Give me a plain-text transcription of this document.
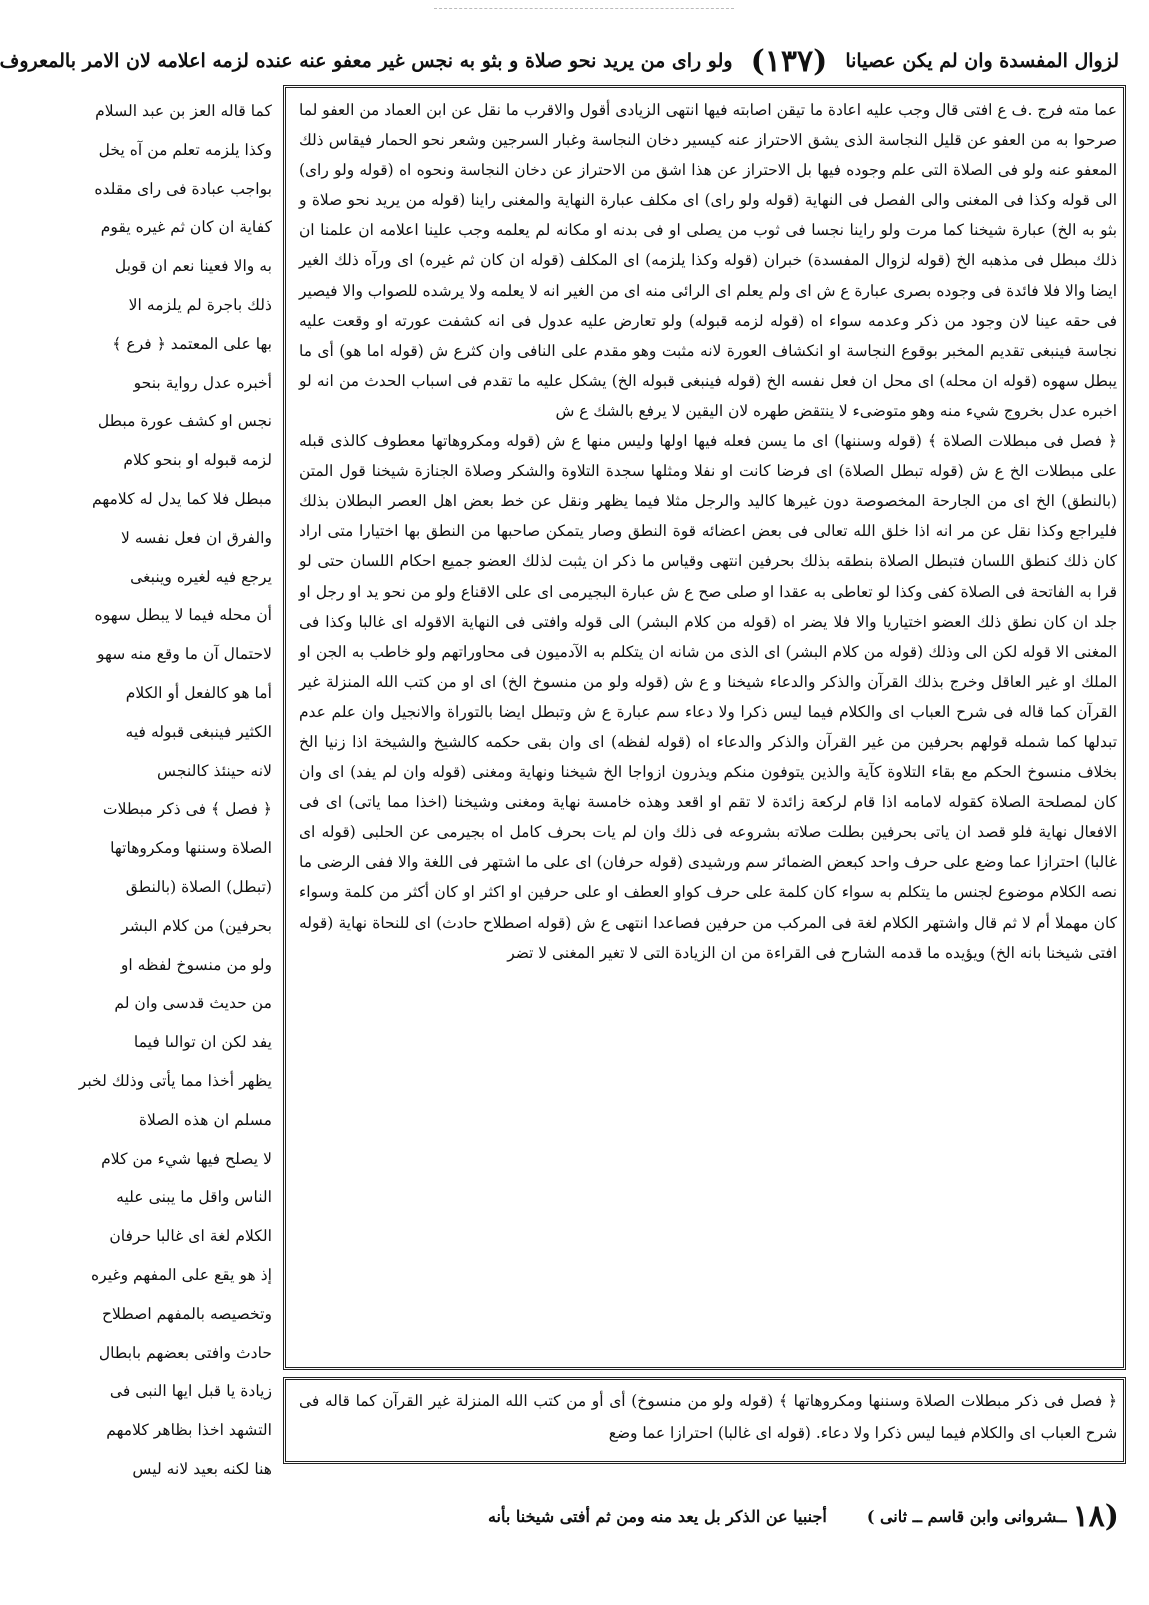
لزوال المفسدة وان لم يكن عصيانا
(١٣٧)
ولو راى من يريد نحو صلاة و بثو به نجس غير معفو عنه عنده لزمه اعلامه لان الامر بالمعروف

عما مته فرج .ف ع افتى قال وجب عليه اعادة ما تيقن اصابته فيها انتهى الزيادى أقول والاقرب ما نقل عن ابن العماد من العفو لما صرحوا به من العفو عن قليل النجاسة الذى يشق الاحتراز عنه كيسير دخان النجاسة وغبار السرجين وشعر نحو الحمار فيقاس ذلك المعفو عنه ولو فى الصلاة التى علم وجوده فيها بل الاحتراز عن هذا اشق من الاحتراز عن دخان النجاسة ونحوه اه (قوله ولو راى) الى قوله وكذا فى المغنى والى الفصل فى النهاية (قوله ولو راى) اى مكلف عبارة النهاية والمغنى راينا (قوله من يريد نحو صلاة و بثو به الخ) عبارة شيخنا كما مرت ولو راينا نجسا فى ثوب من يصلى او فى بدنه او مكانه لم يعلمه وجب علينا اعلامه ان علمنا ان ذلك مبطل فى مذهبه الخ (قوله لزوال المفسدة) خبران (قوله وكذا يلزمه) اى المكلف (قوله ان كان ثم غيره) اى ورآه ذلك الغير ايضا والا فلا فائدة فى وجوده بصرى عبارة ع ش اى ولم يعلم اى الرائى منه اى من الغير انه لا يعلمه ولا يرشده للصواب والا فيصير فى حقه عينا لان وجود من ذكر وعدمه سواء اه (قوله لزمه قبوله) ولو تعارض عليه عدول فى انه كشفت عورته او وقعت عليه نجاسة فينبغى تقديم المخبر بوقوع النجاسة او انكشاف العورة لانه مثبت وهو مقدم على النافى وان كثرع ش (قوله اما هو) أى ما يبطل سهوه (قوله ان محله) اى محل ان فعل نفسه الخ (قوله فينبغى قبوله الخ) يشكل عليه ما تقدم فى اسباب الحدث من انه لو اخبره عدل بخروج شيء منه وهو متوضىء لا ينتقض طهره لان اليقين لا يرفع بالشك ع ش

﴿ فصل فى مبطلات الصلاة ﴾ (قوله وسننها) اى ما يسن فعله فيها اولها وليس منها ع ش (قوله ومكروهاتها معطوف كالذى قبله على مبطلات الخ ع ش (قوله تبطل الصلاة) اى فرضا كانت او نفلا ومثلها سجدة التلاوة والشكر وصلاة الجنازة شيخنا قول المتن (بالنطق) الخ اى من الجارحة المخصوصة دون غيرها كاليد والرجل مثلا فيما يظهر ونقل عن خط بعض اهل العصر البطلان بذلك فليراجع وكذا نقل عن مر انه اذا خلق الله تعالى فى بعض اعضائه قوة النطق وصار يتمكن صاحبها من النطق بها اختيارا متى اراد كان ذلك كنطق اللسان فتبطل الصلاة بنطقه بذلك بحرفين انتهى وقياس ما ذكر ان يثبت لذلك العضو جميع احكام اللسان حتى لو قرا به الفاتحة فى الصلاة كفى وكذا لو تعاطى به عقدا او صلى صح ع ش عبارة البجيرمى اى على الاقناع ولو من نحو يد او رجل او جلد ان كان نطق ذلك العضو اختياريا والا فلا يضر اه (قوله من كلام البشر) الى قوله وافتى فى النهاية الاقوله اى غالبا وكذا فى المغنى الا قوله لكن الى وذلك (قوله من كلام البشر) اى الذى من شانه ان يتكلم به الآدميون فى محاوراتهم ولو خاطب به الجن او الملك او غير العاقل وخرج بذلك القرآن والذكر والدعاء شيخنا و ع ش (قوله ولو من منسوخ الخ) اى او من كتب الله المنزلة غير القرآن كما قاله فى شرح العباب اى والكلام فيما ليس ذكرا ولا دعاء سم عبارة ع ش وتبطل ايضا بالتوراة والانجيل وان علم عدم تبدلها كما شمله قولهم بحرفين من غير القرآن والذكر والدعاء اه (قوله لفظه) اى وان بقى حكمه كالشيخ والشيخة اذا زنيا الخ بخلاف منسوخ الحكم مع بقاء التلاوة كآية والذين يتوفون منكم ويذرون ازواجا الخ شيخنا ونهاية ومغنى (قوله وان لم يفد) اى وان كان لمصلحة الصلاة كقوله لامامه اذا قام لركعة زائدة لا تقم او اقعد وهذه خامسة نهاية ومغنى وشيخنا (اخذا مما ياتى) اى فى الافعال نهاية فلو قصد ان ياتى بحرفين بطلت صلاته بشروعه فى ذلك وان لم يات بحرف كامل اه بجيرمى عن الحلبى (قوله اى غالبا) احترازا عما وضع على حرف واحد كبعض الضمائر سم ورشيدى (قوله حرفان) اى على ما اشتهر فى اللغة والا ففى الرضى ما نصه الكلام موضوع لجنس ما يتكلم به سواء كان كلمة على حرف كواو العطف او على حرفين او اكثر او كان أكثر من كلمة وسواء كان مهملا أم لا ثم قال واشتهر الكلام لغة فى المركب من حرفين فصاعدا انتهى ع ش (قوله اصطلاح حادث) اى للنحاة نهاية (قوله افتى شيخنا بانه الخ) ويؤيده ما قدمه الشارح فى القراءة من ان الزيادة التى لا تغير المغنى لا تضر

﴿ فصل فى ذكر مبطلات الصلاة وسننها ومكروهاتها ﴾ (قوله ولو من منسوخ) أى أو من كتب الله المنزلة غير القرآن كما قاله فى شرح العباب اى والكلام فيما ليس ذكرا ولا دعاء. (قوله اى غالبا) احترازا عما وضع

كما قاله العز بن عبد السلام
وكذا يلزمه تعلم من آه يخل
بواجب عبادة فى راى مقلده
كفاية ان كان ثم غيره يقوم
به والا فعينا نعم ان قوبل
ذلك باجرة لم يلزمه الا
بها على المعتمد ﴿ فرع ﴾
أخبره عدل رواية بنحو
نجس او كشف عورة مبطل
لزمه قبوله او بنحو كلام
مبطل فلا كما يدل له كلامهم
والفرق ان فعل نفسه لا
يرجع فيه لغيره وينبغى
أن محله فيما لا يبطل سهوه
لاحتمال آن ما وقع منه سهو
أما هو كالفعل أو الكلام
الكثير فينبغى قبوله فيه
لانه حينئذ كالنجس
﴿ فصل ﴾ فى ذكر مبطلات
الصلاة وسننها ومكروهاتها
(تبطل) الصلاة (بالنطق
بحرفين) من كلام البشر
ولو من منسوخ لفظه او
من حديث قدسى وان لم
يفد لكن ان توالىا فيما
يظهر أخذا مما يأتى وذلك لخبر
مسلم ان هذه الصلاة
لا يصلح فيها شيء من كلام
الناس واقل ما يبنى عليه
الكلام لغة اى غالبا حرفان
إذ هو يقع على المفهم وغيره
وتخصيصه بالمفهم اصطلاح
حادث وافتى بعضهم بابطال
زيادة يا قبل ايها النبى فى
التشهد اخذا بظاهر كلامهم
هنا لكنه بعيد لانه ليس
(١٨
ــشروانى وابن قاسم ــ ثانى )
أجنبيا عن الذكر بل يعد منه ومن ثم أفتى شيخنا بأنه
